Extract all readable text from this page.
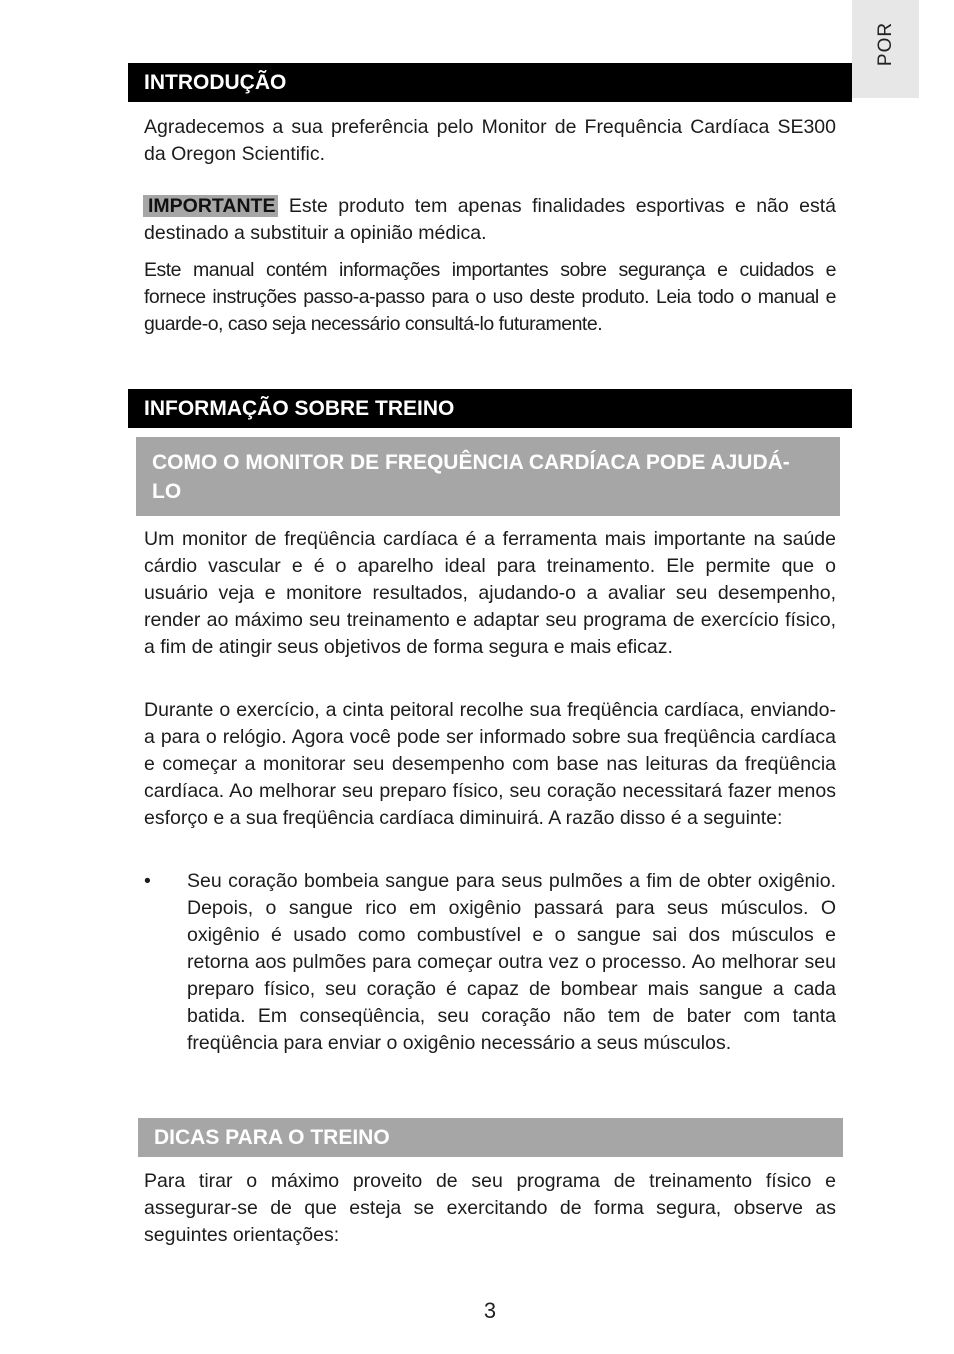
POR
INTRODUÇÃO

Agradecemos a sua preferência pelo Monitor de Frequência Cardíaca SE300 da Oregon Scientific.

IMPORTANTE Este produto tem apenas finalidades esportivas e não está destinado a substituir a opinião médica.

Este manual contém informações importantes sobre segurança e cuidados e fornece instruções passo-a-passo para o uso deste produto. Leia todo o manual e guarde-o, caso seja necessário consultá-lo futuramente.

INFORMAÇÃO SOBRE TREINO
COMO O MONITOR DE FREQUÊNCIA CARDÍACA PODE AJUDÁ-LO

Um monitor de freqüência cardíaca é a ferramenta mais importante na saúde cárdio vascular e é o aparelho ideal para treinamento. Ele permite que o usuário veja e monitore resultados, ajudando-o a avaliar seu desempenho, render ao máximo seu treinamento e adaptar seu programa de exercício físico, a fim de atingir seus objetivos de forma segura e mais eficaz.

Durante o exercício, a cinta peitoral recolhe sua freqüência cardíaca, enviando-a para o relógio. Agora você pode ser informado sobre sua freqüência cardíaca e começar a monitorar seu desempenho com base nas leituras da freqüência cardíaca. Ao melhorar seu preparo físico, seu coração necessitará fazer menos esforço e a sua freqüência cardíaca diminuirá. A razão disso é a seguinte:

• Seu coração bombeia sangue para seus pulmões a fim de obter oxigênio. Depois, o sangue rico em oxigênio passará para seus músculos. O oxigênio é usado como combustível e o sangue sai dos músculos e retorna aos pulmões para começar outra vez o processo. Ao melhorar seu preparo físico, seu coração é capaz de bombear mais sangue a cada batida. Em conseqüência, seu coração não tem de bater com tanta freqüência para enviar o oxigênio necessário a seus músculos.

DICAS PARA O TREINO

Para tirar o máximo proveito de seu programa de treinamento físico e assegurar-se de que esteja se exercitando de forma segura, observe as seguintes orientações:

3
